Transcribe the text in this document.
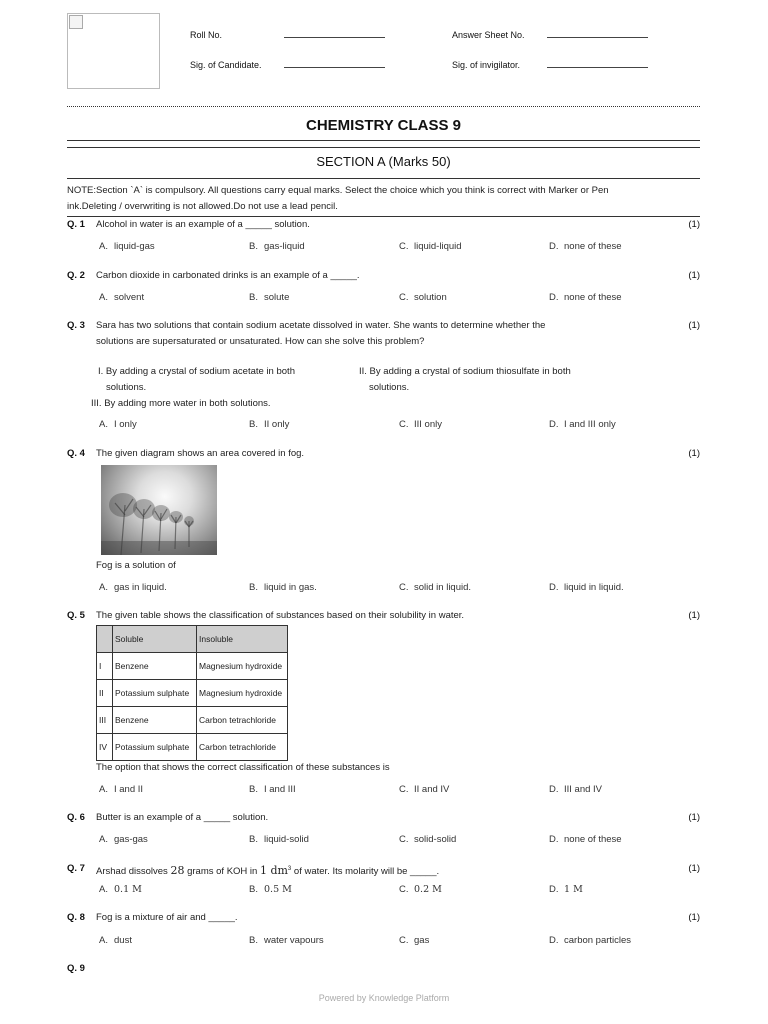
Roll No.	Answer Sheet No.
Sig. of Candidate.	Sig. of invigilator.
CHEMISTRY CLASS 9
SECTION A (Marks 50)
NOTE:Section `A` is compulsory. All questions carry equal marks. Select the choice which you think is correct with Marker or Pen
ink.Deleting / overwriting is not allowed.Do not use a lead pencil.
Q. 1 Alcohol in water is an example of a _____ solution.	(1)
A. liquid-gas	B. gas-liquid	C. liquid-liquid	D. none of these
Q. 2 Carbon dioxide in carbonated drinks is an example of a _____.	(1)
A. solvent	B. solute	C. solution	D. none of these
Q. 3 Sara has two solutions that contain sodium acetate dissolved in water. She wants to determine whether the
solutions are supersaturated or unsaturated. How can she solve this problem?
(1)
I. By adding a crystal of sodium acetate in both
solutions.
II. By adding a crystal of sodium thiosulfate in both
solutions.
III. By adding more water in both solutions.
A. I only	B. II only	C. III only	D. I and III only
Q. 4 The given diagram shows an area covered in fog.	(1)
Fog is a solution of
A. gas in liquid.	B. liquid in gas.	C. solid in liquid.	D. liquid in liquid.
Q. 5 The given table shows the classification of substances based on their solubility in water.	(1)
	Soluble	Insoluble
I	Benzene	Magnesium hydroxide
II	Potassium sulphate	Magnesium hydroxide
III	Benzene	Carbon tetrachloride
IV	Potassium sulphate	Carbon tetrachloride
The option that shows the correct classification of these substances is
A. I and II	B. I and III	C. II and IV	D. III and IV
Q. 6 Butter is an example of a _____ solution.	(1)
A. gas-gas	B. liquid-solid	C. solid-solid	D. none of these
Q. 7 Arshad dissolves 28 grams of KOH in 1 $dm^3$ of water. Its molarity will be _____.	(1)
A. 0.1 M	B. 0.5 M	C. 0.2 M	D. 1 M
Q. 8 Fog is a mixture of air and _____.	(1)
A. dust	B. water vapours	C. gas	D. carbon particles
Q. 9
Powered by Knowledge Platform
